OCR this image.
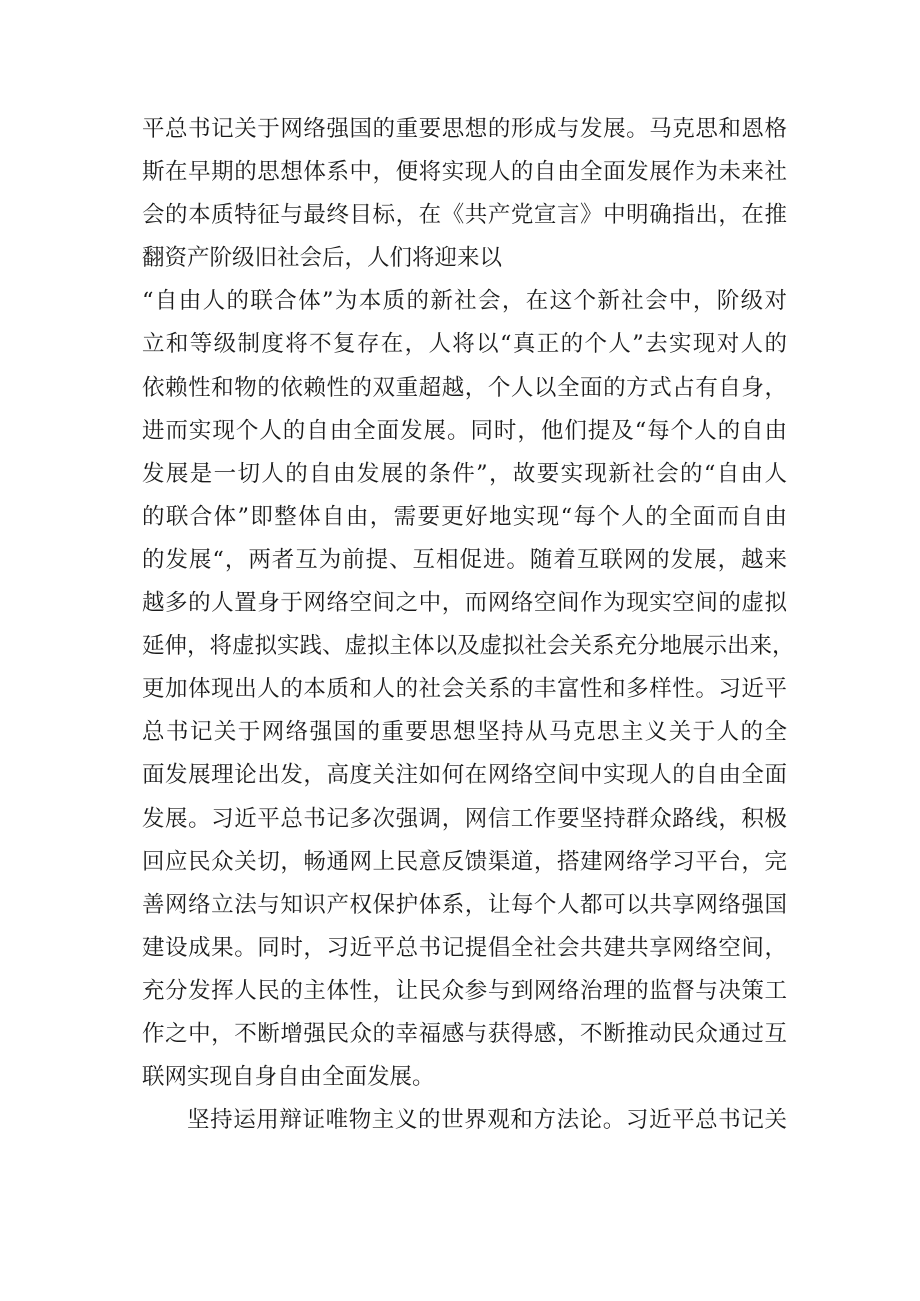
平总书记关于网络强国的重要思想的形成与发展。马克思和恩格
斯在早期的思想体系中，便将实现人的自由全面发展作为未来社
会的本质特征与最终目标，在《共产党宣言》中明确指出，在推
翻资产阶级旧社会后，人们将迎来以
“自由人的联合体”为本质的新社会，在这个新社会中，阶级对
立和等级制度将不复存在，人将以“真正的个人”去实现对人的
依赖性和物的依赖性的双重超越，个人以全面的方式占有自身，
进而实现个人的自由全面发展。同时，他们提及“每个人的自由
发展是一切人的自由发展的条件”，故要实现新社会的“自由人
的联合体”即整体自由，需要更好地实现“每个人的全面而自由
的发展“，两者互为前提、互相促进。随着互联网的发展，越来
越多的人置身于网络空间之中，而网络空间作为现实空间的虚拟
延伸，将虚拟实践、虚拟主体以及虚拟社会关系充分地展示出来，
更加体现出人的本质和人的社会关系的丰富性和多样性。习近平
总书记关于网络强国的重要思想坚持从马克思主义关于人的全
面发展理论出发，高度关注如何在网络空间中实现人的自由全面
发展。习近平总书记多次强调，网信工作要坚持群众路线，积极
回应民众关切，畅通网上民意反馈渠道，搭建网络学习平台，完
善网络立法与知识产权保护体系，让每个人都可以共享网络强国
建设成果。同时，习近平总书记提倡全社会共建共享网络空间，
充分发挥人民的主体性，让民众参与到网络治理的监督与决策工
作之中，不断增强民众的幸福感与获得感，不断推动民众通过互
联网实现自身自由全面发展。
坚持运用辩证唯物主义的世界观和方法论。习近平总书记关
